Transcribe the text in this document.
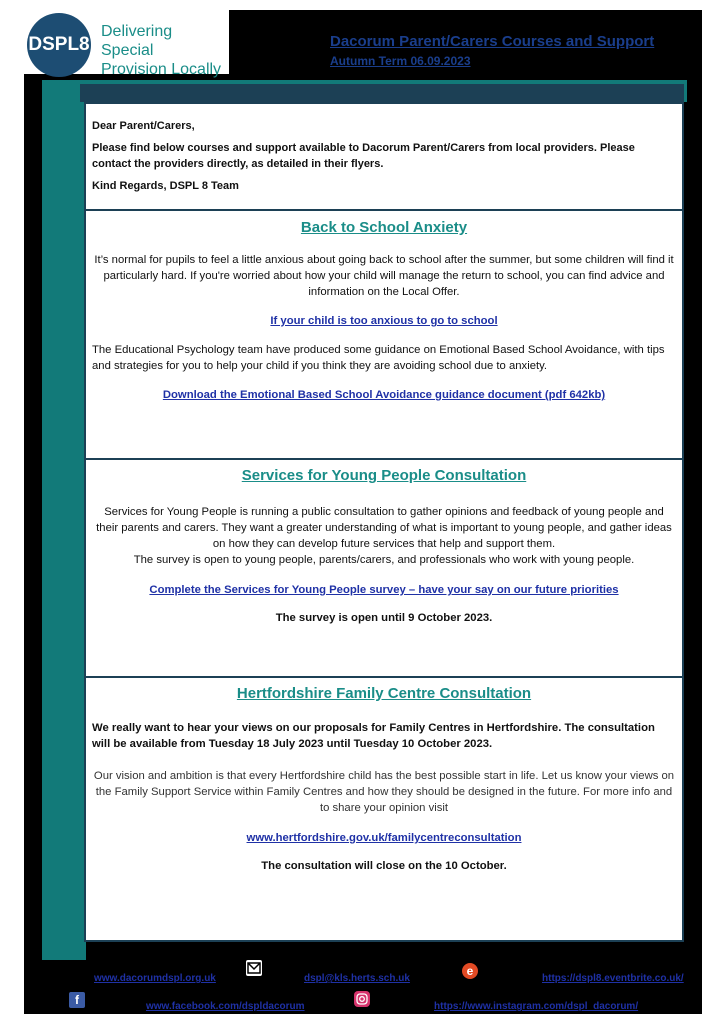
DSPL8
Delivering Special
Provision Locally
Dacorum Parent/Carers Courses and Support
Autumn Term 06.09.2023

Dear Parent/Carers,

Please find below courses and support available to Dacorum Parent/Carers from local providers. Please contact the providers directly, as detailed in their flyers.

Kind Regards, DSPL 8 Team

Back to School Anxiety
It’s normal for pupils to feel a little anxious about going back to school after the summer, but some children will find it particularly hard. If you're worried about how your child will manage the return to school, you can find advice and information on the Local Offer.
If your child is too anxious to go to school
The Educational Psychology team have produced some guidance on Emotional Based School Avoidance, with tips and strategies for you to help your child if you think they are avoiding school due to anxiety.
Download the Emotional Based School Avoidance guidance document (pdf 642kb)
Services for Young People Consultation
Services for Young People is running a public consultation to gather opinions and feedback of young people and their parents and carers. They want a greater understanding of what is important to young people, and gather ideas on how they can develop future services that help and support them.
The survey is open to young people, parents/carers, and professionals who work with young people.
Complete the Services for Young People survey – have your say on our future priorities
The survey is open until 9 October 2023.
Hertfordshire Family Centre Consultation
We really want to hear your views on our proposals for Family Centres in Hertfordshire. The consultation will be available from Tuesday 18 July 2023 until Tuesday 10 October 2023.
Our vision and ambition is that every Hertfordshire child has the best possible start in life. Let us know your views on the Family Support Service within Family Centres and how they should be designed in the future. For more info and to share your opinion visit
www.hertfordshire.gov.uk/familycentreconsultation
The consultation will close on the 10 October.
www.dacorumdspl.org.uk	dspl@kls.herts.sch.uk
e
https://dspl8.eventbrite.co.uk/
f	www.facebook.com/dspldacorum	https://www.instagram.com/dspl_dacorum/
